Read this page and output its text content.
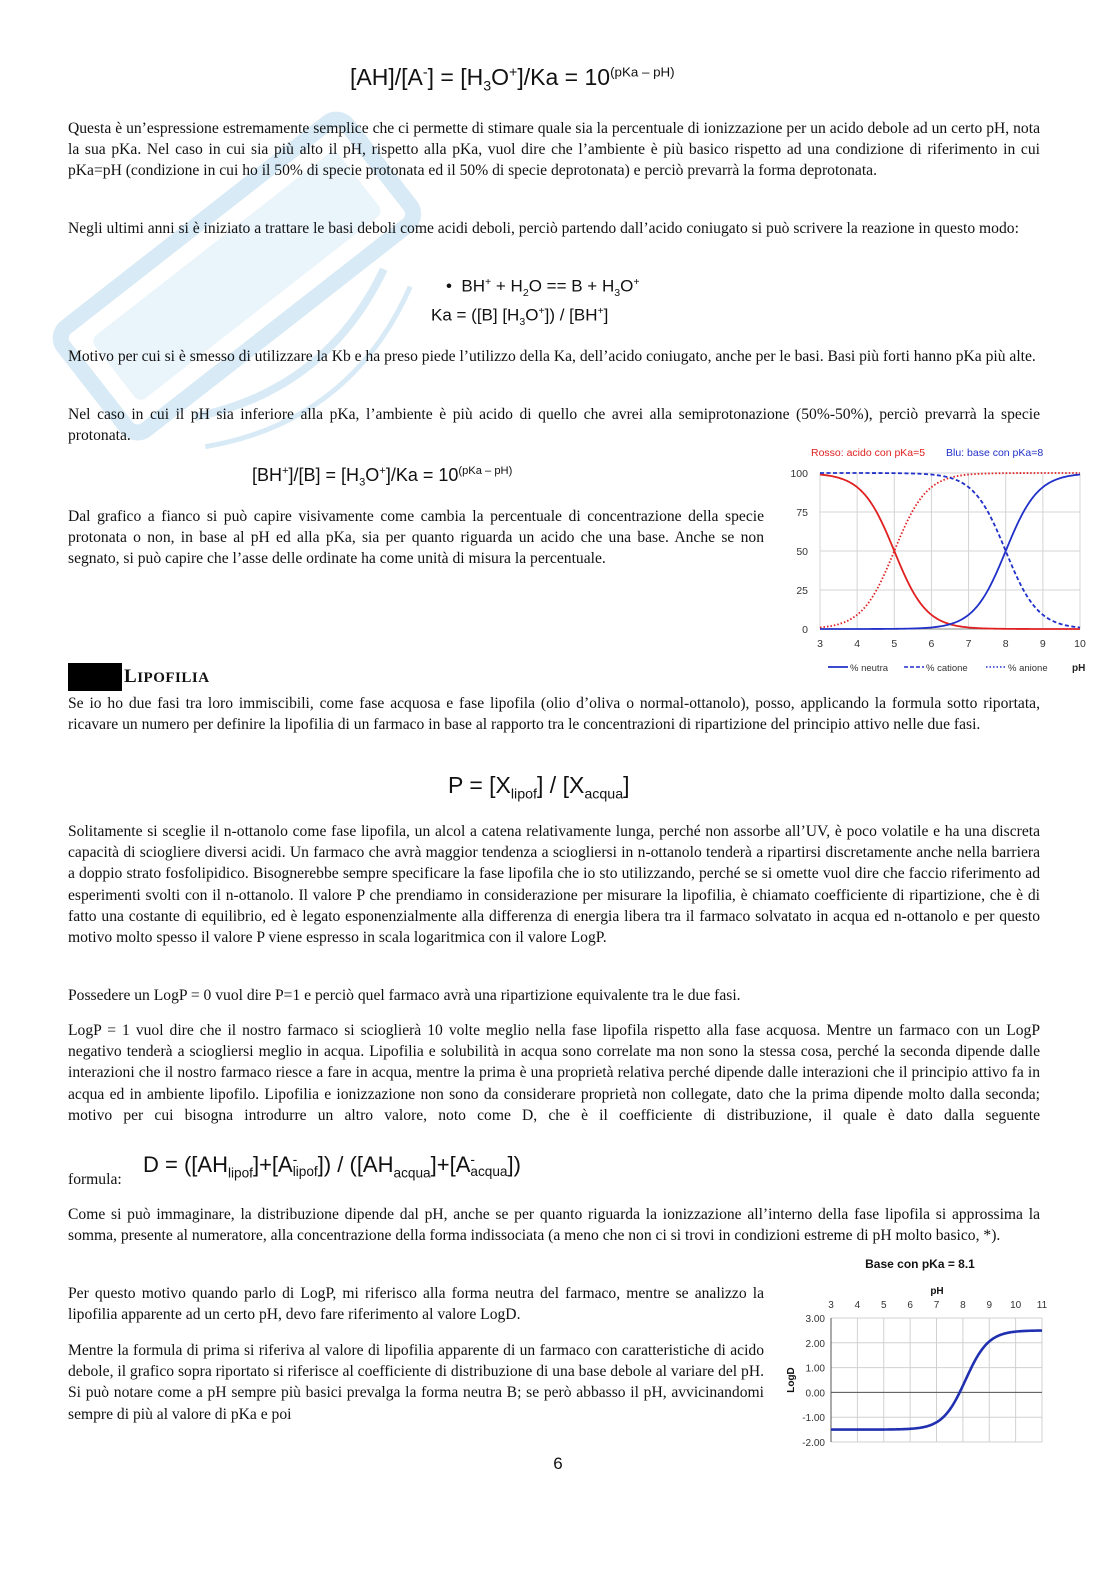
$[AH]/[A^-] = [H_3O^+]/Ka = 10^{(pKa - pH)}$

Questa è un’espressione estremamente semplice che ci permette di stimare quale sia la percentuale di ionizzazione per un acido debole ad un certo pH, nota la sua pKa. Nel caso in cui sia più alto il pH, rispetto alla pKa, vuol dire che l’ambiente è più basico rispetto ad una condizione di riferimento in cui pKa=pH (condizione in cui ho il 50% di specie protonata ed il 50% di specie deprotonata) e perciò prevarrà la forma deprotonata.

Negli ultimi anni si è iniziato a trattare le basi deboli come acidi deboli, perciò partendo dall’acido coniugato si può scrivere la reazione in questo modo:

•  $BH^+ + H_2O == B + H_3O^+$
Ka = ([B] $[H_3O^+]) / [BH^+]$

Motivo per cui si è smesso di utilizzare la Kb e ha preso piede l’utilizzo della Ka, dell’acido coniugato, anche per le basi. Basi più forti hanno pKa più alte.

Nel caso in cui il pH sia inferiore alla pKa, l’ambiente è più acido di quello che avrei alla semiprotonazione (50%-50%), perciò prevarrà la specie protonata.

$[BH^+]/[B] = [H_3O^+]/Ka = 10^{(pKa - pH)}$

Dal grafico a fianco si può capire visivamente come cambia la percentuale di concentrazione della specie protonata o non, in base al pH ed alla pKa, sia per quanto riguarda un acido che una base. Anche se non segnato, si può capire che l’asse delle ordinate ha come unità di misura la percentuale.

Rosso: acido con pKa=5 Blu: base con pKa=8
0
25
50
75
100
3	4	5	6	7	8	9	10
% neutra	% catione	% anione pH
LIPOFILIA

Se io ho due fasi tra loro immiscibili, come fase acquosa e fase lipofila (olio d’oliva o normal-ottanolo), posso, applicando la formula sotto riportata, ricavare un numero per definire la lipofilia di un farmaco in base al rapporto tra le concentrazioni di ripartizione del principio attivo nelle due fasi.

$P = [X_{lipof}] / [X_{acqua}]$

Solitamente si sceglie il n-ottanolo come fase lipofila, un alcol a catena relativamente lunga, perché non assorbe all’UV, è poco volatile e ha una discreta capacità di sciogliere diversi acidi. Un farmaco che avrà maggior tendenza a sciogliersi in n-ottanolo tenderà a ripartirsi discretamente anche nella barriera a doppio strato fosfolipidico. Bisognerebbe sempre specificare la fase lipofila che io sto utilizzando, perché se si omette vuol dire che faccio riferimento ad esperimenti svolti con il n-ottanolo. Il valore P che prendiamo in considerazione per misurare la lipofilia, è chiamato coefficiente di ripartizione, che è di fatto una costante di equilibrio, ed è legato esponenzialmente alla differenza di energia libera tra il farmaco solvatato in acqua ed n-ottanolo e per questo motivo molto spesso il valore P viene espresso in scala logaritmica con il valore LogP.

Possedere un LogP = 0 vuol dire P=1 e perciò quel farmaco avrà una ripartizione equivalente tra le due fasi.

LogP = 1 vuol dire che il nostro farmaco si scioglierà 10 volte meglio nella fase lipofila rispetto alla fase acquosa. Mentre un farmaco con un LogP negativo tenderà a sciogliersi meglio in acqua. Lipofilia e solubilità in acqua sono correlate ma non sono la stessa cosa, perché la seconda dipende dalle interazioni che il nostro farmaco riesce a fare in acqua, mentre la prima è una proprietà relativa perché dipende dalle interazioni che il principio attivo fa in acqua ed in ambiente lipofilo. Lipofilia e ionizzazione non sono da considerare proprietà non collegate, dato che la prima dipende molto dalla seconda; motivo per cui bisogna introdurre un altro valore, noto come D, che è il coefficiente di distribuzione, il quale è dato dalla seguente

formula:
$D = ([AH_{lipof}]+[A$ -
lipof ]) / ($[AH_{acqua}]+[A$ -
acqua ])

Come si può immaginare, la distribuzione dipende dal pH, anche se per quanto riguarda la ionizzazione all’interno della fase lipofila si approssima la somma, presente al numeratore, alla concentrazione della forma indissociata (a meno che non ci si trovi in condizioni estreme di pH molto basico, *).

Per questo motivo quando parlo di LogP, mi riferisco alla forma neutra del farmaco, mentre se analizzo la lipofilia apparente ad un certo pH, devo fare riferimento al valore LogD.

Mentre la formula di prima si riferiva al valore di lipofilia apparente di un farmaco con caratteristiche di acido debole, il grafico sopra riportato si riferisce al coefficiente di distribuzione di una base debole al variare del pH. Si può notare come a pH sempre più basici prevalga la forma neutra B; se però abbasso il pH, avvicinandomi sempre di più al valore di pKa e poi

Base con pKa = 8.1
pH
LogD
3.00
2.00
1.00
0.00
-1.00
-2.00
3 4 5 6 7 8 9 10 11
6
